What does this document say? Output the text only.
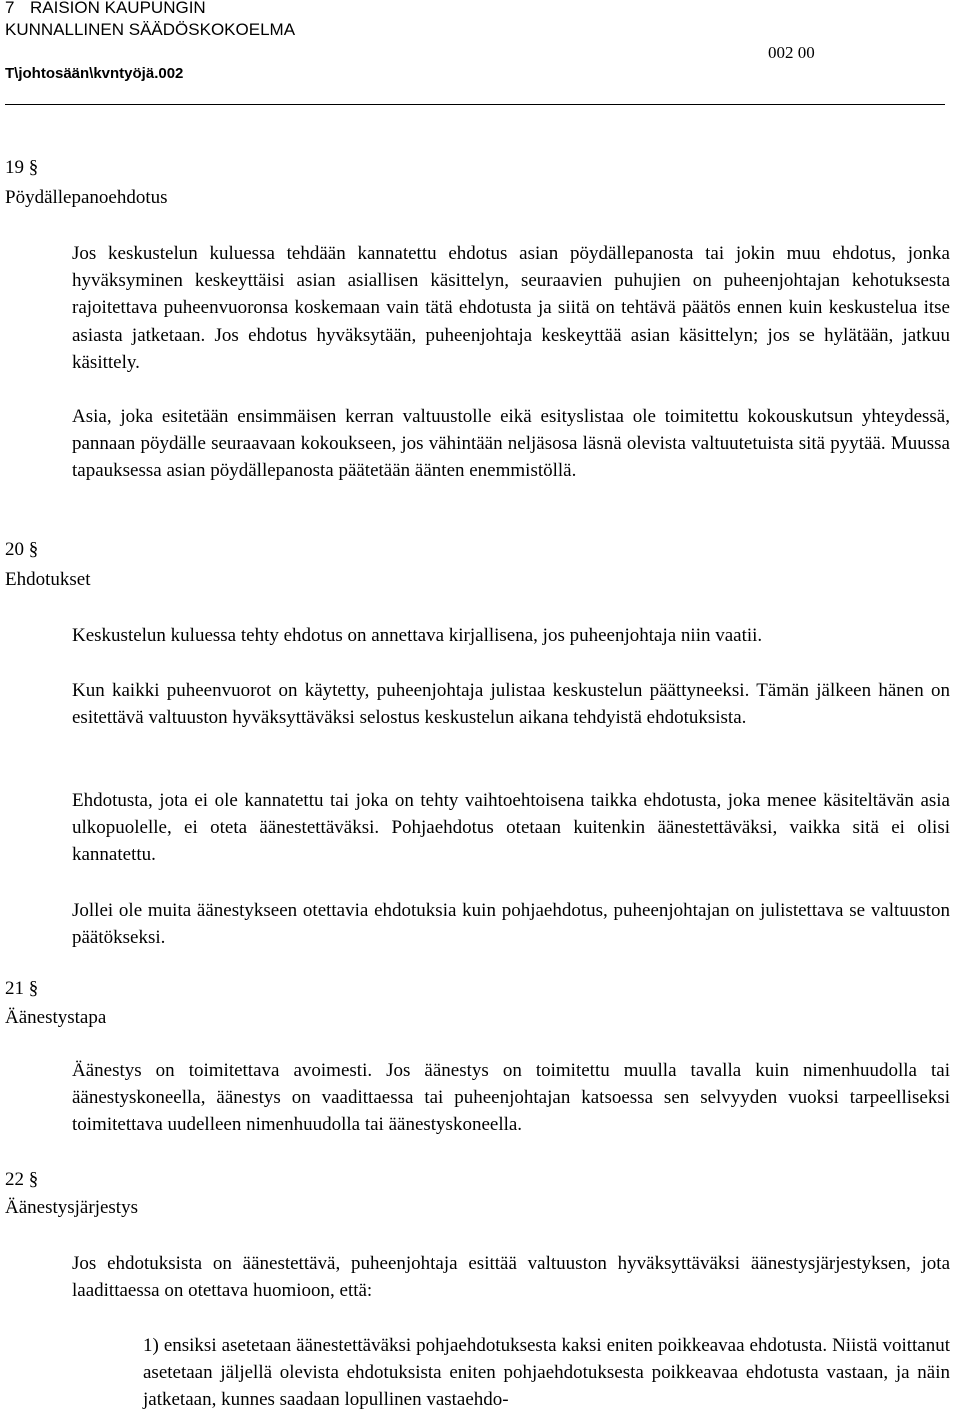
7 RAISION KAUPUNGIN
KUNNALLINEN SÄÄDÖSKOKOELMA
T\johtosään\kvntyöjä.002
002 00
19 §
Pöydällepanoehdotus

Jos keskustelun kuluessa tehdään kannatettu ehdotus asian pöydällepanosta tai jokin muu ehdotus, jonka hyväksyminen keskeyttäisi asian asiallisen käsittelyn, seuraavien puhujien on puheenjohtajan kehotuksesta rajoitettava puheenvuoronsa koskemaan vain tätä ehdotusta ja siitä on tehtävä päätös ennen kuin keskustelua itse asiasta jatketaan. Jos ehdotus hyväksytään, puheenjohtaja keskeyttää asian käsittelyn; jos se hylätään, jatkuu käsittely.

Asia, joka esitetään ensimmäisen kerran valtuustolle eikä esityslistaa ole toimitettu kokouskutsun yhteydessä, pannaan pöydälle seuraavaan kokoukseen, jos vähintään neljäsosa läsnä olevista valtuutetuista sitä pyytää. Muussa tapauksessa asian pöydällepanosta päätetään äänten enemmistöllä.

20 §
Ehdotukset

Keskustelun kuluessa tehty ehdotus on annettava kirjallisena, jos puheenjohtaja niin vaatii.

Kun kaikki puheenvuorot on käytetty, puheenjohtaja julistaa keskustelun päättyneeksi. Tämän jälkeen hänen on esitettävä valtuuston hyväksyttäväksi selostus keskustelun aikana tehdyistä ehdotuksista.

Ehdotusta, jota ei ole kannatettu tai joka on tehty vaihtoehtoisena taikka ehdotusta, joka menee käsiteltävän asia ulkopuolelle, ei oteta äänestettäväksi. Pohjaehdotus otetaan kuitenkin äänestettäväksi, vaikka sitä ei olisi kannatettu.

Jollei ole muita äänestykseen otettavia ehdotuksia kuin pohjaehdotus, puheenjohtajan on julistettava se valtuuston päätökseksi.

21 §
Äänestystapa

Äänestys on toimitettava avoimesti. Jos äänestys on toimitettu muulla tavalla kuin nimenhuudolla tai äänestyskoneella, äänestys on vaadittaessa tai puheenjohtajan katsoessa sen selvyyden vuoksi tarpeelliseksi toimitettava uudelleen nimenhuudolla tai äänestyskoneella.

22 §
Äänestysjärjestys

Jos ehdotuksista on äänestettävä, puheenjohtaja esittää valtuuston hyväksyttäväksi äänestysjärjestyksen, jota laadittaessa on otettava huomioon, että:

1) ensiksi asetetaan äänestettäväksi pohjaehdotuksesta kaksi eniten poikkeavaa ehdotusta. Niistä voittanut asetetaan jäljellä olevista ehdotuksista eniten pohjaehdotuksesta poikkeavaa ehdotusta vastaan, ja näin jatketaan, kunnes saadaan lopullinen vastaehdo-
